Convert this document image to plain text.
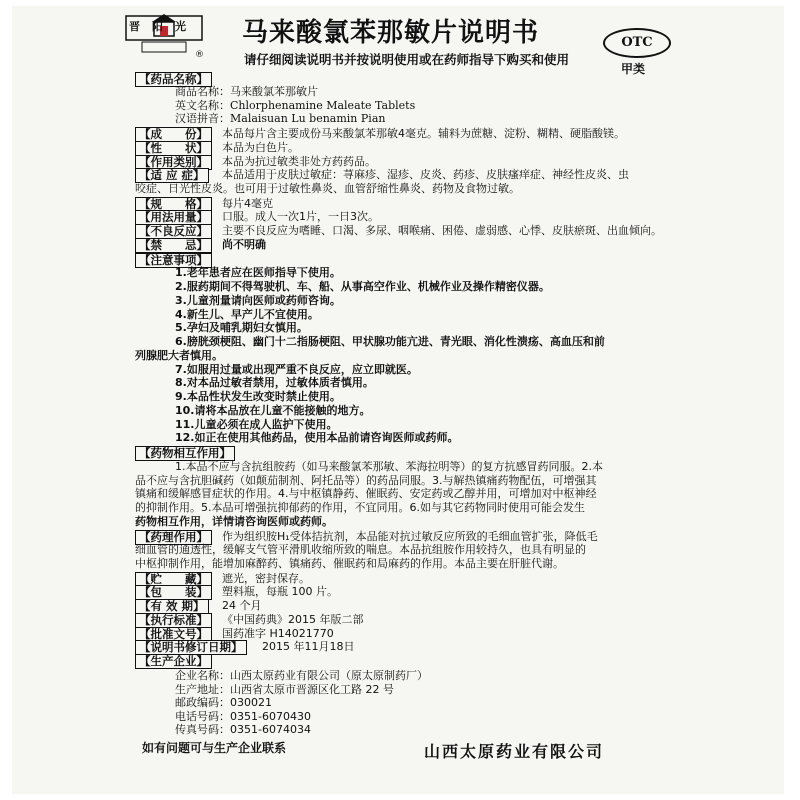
晋阳光
®
马来酸氯苯那敏片说明书
请仔细阅读说明书并按说明使用或在药师指导下购买和使用
OTC
甲类
【药品名称】
商品名称：马来酸氯苯那敏片
英文名称：Chlorphenamine Maleate Tablets
汉语拼音：Malaisuan Lu benamin Pian
【成　　份】	本品每片含主要成份马来酸氯苯那敏4毫克。辅料为蔗糖、淀粉、糊精、硬脂酸镁。
【性　　状】	本品为白色片。
【作用类别】	本品为抗过敏类非处方药药品。
【适 应 症】	本品适用于皮肤过敏症：荨麻疹、湿疹、皮炎、药疹、皮肤瘙痒症、神经性皮炎、虫
咬症、日光性皮炎。也可用于过敏性鼻炎、血管舒缩性鼻炎、药物及食物过敏。
【规　　格】	每片4毫克
【用法用量】	口服。成人一次1片，一日3次。
【不良反应】	主要不良反应为嗜睡、口渴、多尿、咽喉痛、困倦、虚弱感、心悸、皮肤瘀斑、出血倾向。
【禁　　忌】	尚不明确
【注意事项】
1.老年患者应在医师指导下使用。
2.服药期间不得驾驶机、车、船、从事高空作业、机械作业及操作精密仪器。
3.儿童剂量请向医师或药师咨询。
4.新生儿、早产儿不宜使用。
5.孕妇及哺乳期妇女慎用。
6.膀胱颈梗阻、幽门十二指肠梗阻、甲状腺功能亢进、青光眼、消化性溃疡、高血压和前
列腺肥大者慎用。
7.如服用过量或出现严重不良反应，应立即就医。
8.对本品过敏者禁用，过敏体质者慎用。
9.本品性状发生改变时禁止使用。
10.请将本品放在儿童不能接触的地方。
11.儿童必须在成人监护下使用。
12.如正在使用其他药品，使用本品前请咨询医师或药师。
【药物相互作用】
1.本品不应与含抗组胺药（如马来酸氯苯那敏、苯海拉明等）的复方抗感冒药同服。2.本
品不应与含抗胆碱药（如颠茄制剂、阿托品等）的药品同服。3.与解热镇痛药物配伍，可增强其
镇痛和缓解感冒症状的作用。4.与中枢镇静药、催眠药、安定药或乙醇并用，可增加对中枢神经
的抑制作用。5.本品可增强抗抑郁药的作用，不宜同用。6.如与其它药物同时使用可能会发生
药物相互作用，详情请咨询医师或药师。
【药理作用】	作为组织胺H₁受体拮抗剂，本品能对抗过敏反应所致的毛细血管扩张，降低毛
细血管的通透性，缓解支气管平滑肌收缩所致的喘息。本品抗组胺作用较持久，也具有明显的
中枢抑制作用，能增加麻醉药、镇痛药、催眠药和局麻药的作用。本品主要在肝脏代谢。
【贮　　藏】	遮光，密封保存。
【包　　装】	塑料瓶，每瓶 100 片。
【有 效 期】	24 个月
【执行标准】	《中国药典》2015 年版二部
【批准文号】	国药准字 H14021770
【说明书修订日期】	2015 年11月18日
【生产企业】
企业名称：山西太原药业有限公司（原太原制药厂）
生产地址：山西省太原市晋源区化工路 22 号
邮政编码：030021
电话号码：0351-6070430
传真号码：0351-6074034
如有问题可与生产企业联系	山西太原药业有限公司
